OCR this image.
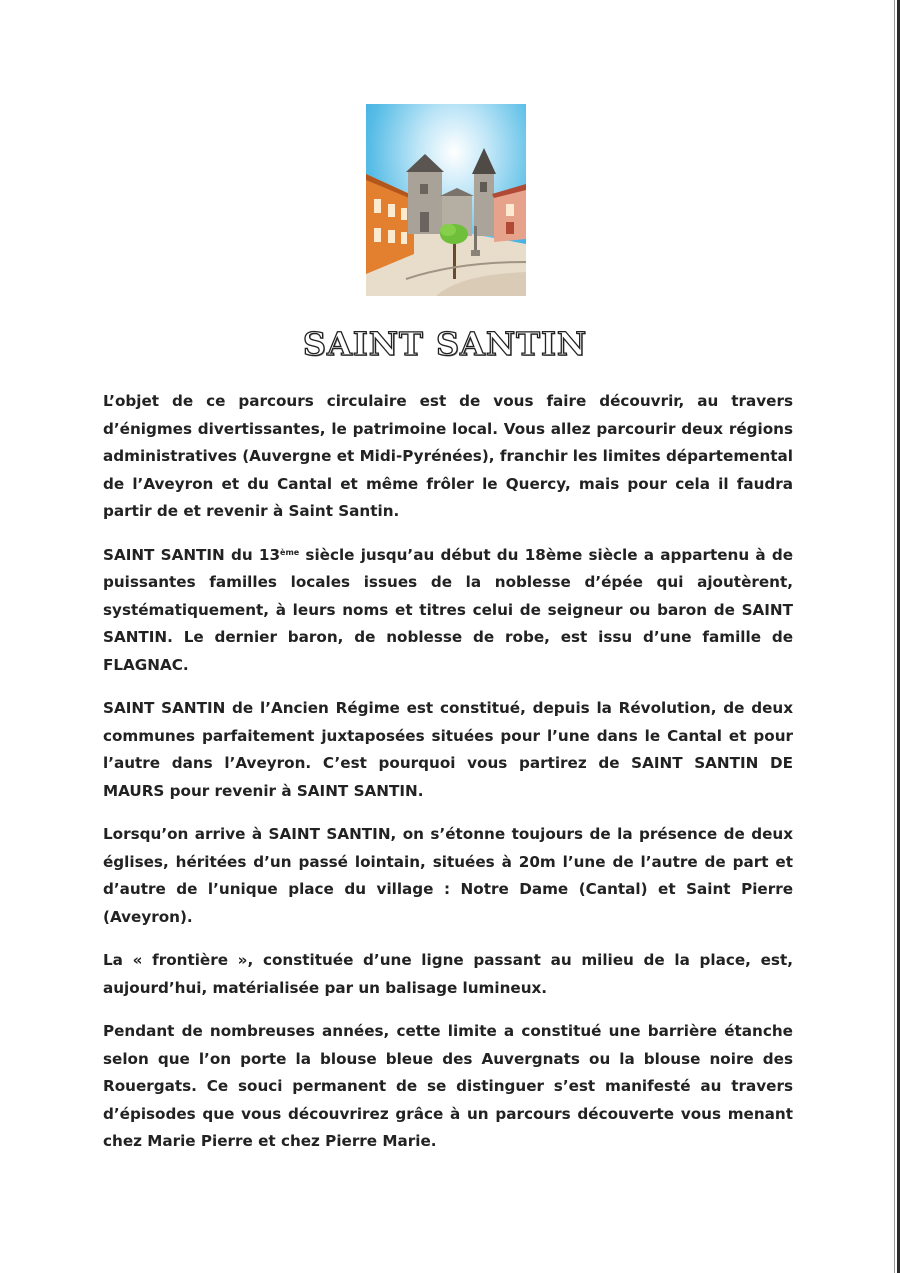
SAINT SANTIN

L’objet de ce parcours circulaire est de vous faire découvrir, au travers d’énigmes divertissantes, le patrimoine local. Vous allez parcourir deux régions administratives (Auvergne et Midi-Pyrénées), franchir les limites départemental de l’Aveyron et du Cantal et même frôler le Quercy, mais pour cela il faudra partir de et revenir à Saint Santin.

SAINT SANTIN du 13ème siècle jusqu’au début du 18ème siècle a appartenu à de puissantes familles locales issues de la noblesse d’épée qui ajoutèrent, systématiquement, à leurs noms et titres celui de seigneur ou baron de SAINT SANTIN. Le dernier baron, de noblesse de robe, est issu d’une famille de FLAGNAC.

SAINT SANTIN de l’Ancien Régime est constitué, depuis la Révolution, de deux communes parfaitement juxtaposées situées pour l’une dans le Cantal et pour l’autre dans l’Aveyron. C’est pourquoi vous partirez de SAINT SANTIN DE MAURS pour revenir à SAINT SANTIN.

Lorsqu’on arrive à SAINT SANTIN, on s’étonne toujours de la présence de deux églises, héritées d’un passé lointain, situées à 20m l’une de l’autre de part et d’autre de l’unique place du village : Notre Dame (Cantal) et Saint Pierre (Aveyron).

La « frontière », constituée d’une ligne passant au milieu de la place, est, aujourd’hui, matérialisée par un balisage lumineux.

Pendant de nombreuses années, cette limite a constitué une barrière étanche selon que l’on porte la blouse bleue des Auvergnats ou la blouse noire des Rouergats. Ce souci permanent de se distinguer s’est manifesté au travers d’épisodes que vous découvrirez grâce à un parcours découverte vous menant chez Marie Pierre et chez Pierre Marie.
